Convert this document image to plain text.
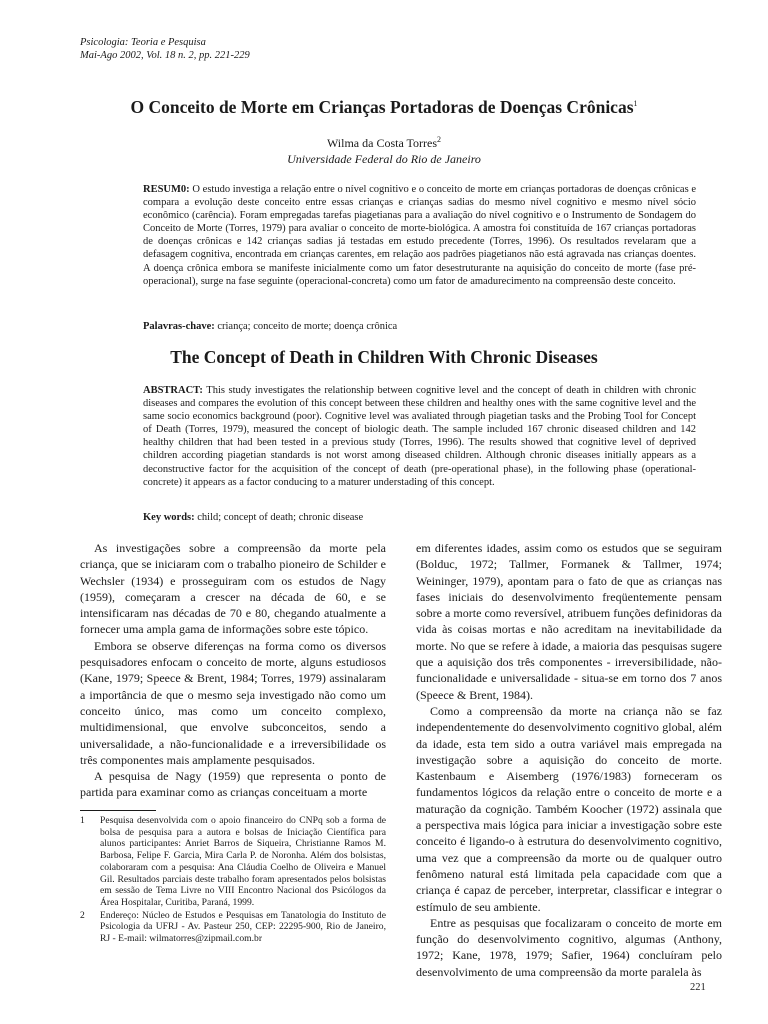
Psicologia: Teoria e Pesquisa
Mai-Ago 2002, Vol. 18 n. 2, pp. 221-229
O Conceito de Morte em Crianças Portadoras de Doenças Crônicas$^1$
Wilma da Costa Torres$^2$
Universidade Federal do Rio de Janeiro
RESUM0: O estudo investiga a relação entre o nível cognitivo e o conceito de morte em crianças portadoras de doenças crônicas e compara a evolução deste conceito entre essas crianças e crianças sadias do mesmo nível cognitivo e mesmo nível sócio econômico (carência). Foram empregadas tarefas piagetianas para a avaliação do nível cognitivo e o Instrumento de Sondagem do Conceito de Morte (Torres, 1979) para avaliar o conceito de morte-biológica. A amostra foi constituída de 167 crianças portadoras de doenças crônicas e 142 crianças sadias já testadas em estudo precedente (Torres, 1996). Os resultados revelaram que a defasagem cognitiva, encontrada em crianças carentes, em relação aos padrões piagetianos não está agravada nas crianças doentes. A doença crônica embora se manifeste inicialmente como um fator desestruturante na aquisição do conceito de morte (fase pré-operacional), surge na fase seguinte (operacional-concreta) como um fator de amadurecimento na compreensão deste conceito.
Palavras-chave: criança; conceito de morte; doença crônica
The Concept of Death in Children With Chronic Diseases
ABSTRACT: This study investigates the relationship between cognitive level and the concept of death in children with chronic diseases and compares the evolution of this concept between these children and healthy ones with the same cognitive level and the same socio economics background (poor). Cognitive level was avaliated through piagetian tasks and the Probing Tool for Concept of Death (Torres, 1979), measured the concept of biologic death. The sample included 167 chronic diseased children and 142 healthy children that had been tested in a previous study (Torres, 1996). The results showed that cognitive level of deprived children according piagetian standards is not worst among diseased children. Although chronic diseases initially appears as a deconstructive factor for the acquisition of the concept of death (pre-operational phase), in the following phase (operational-concrete) it appears as a factor conducing to a maturer understading of this concept.
Key words: child; concept of death; chronic disease

As investigações sobre a compreensão da morte pela criança, que se iniciaram com o trabalho pioneiro de Schilder e Wechsler (1934) e prosseguiram com os estudos de Nagy (1959), começaram a crescer na década de 60, e se intensificaram nas décadas de 70 e 80, chegando atualmente a fornecer uma ampla gama de informações sobre este tópico.

Embora se observe diferenças na forma como os diversos pesquisadores enfocam o conceito de morte, alguns estudiosos (Kane, 1979; Speece & Brent, 1984; Torres, 1979) assinalaram a importância de que o mesmo seja investigado não como um conceito único, mas como um conceito complexo, multidimensional, que envolve subconceitos, sendo a universalidade, a não-funcionalidade e a irreversibilidade os três componentes mais amplamente pesquisados.

A pesquisa de Nagy (1959) que representa o ponto de partida para examinar como as crianças conceituam a morte

1 Pesquisa desenvolvida com o apoio financeiro do CNPq sob a forma de bolsa de pesquisa para a autora e bolsas de Iniciação Científica para alunos participantes: Anriet Barros de Siqueira, Christianne Ramos M. Barbosa, Felipe F. Garcia, Mira Carla P. de Noronha. Além dos bolsistas, colaboraram com a pesquisa: Ana Cláudia Coelho de Oliveira e Manuel Gil. Resultados parciais deste trabalho foram apresentados pelos bolsistas em sessão de Tema Livre no VIII Encontro Nacional dos Psicólogos da Área Hospitalar, Curitiba, Paraná, 1999.
2 Endereço: Núcleo de Estudos e Pesquisas em Tanatologia do Instituto de Psicologia da UFRJ - Av. Pasteur 250, CEP: 22295-900, Rio de Janeiro, RJ - E-mail: wilmatorres@zipmail.com.br

em diferentes idades, assim como os estudos que se seguiram (Bolduc, 1972; Tallmer, Formanek & Tallmer, 1974; Weininger, 1979), apontam para o fato de que as crianças nas fases iniciais do desenvolvimento freqüentemente pensam sobre a morte como reversível, atribuem funções definidoras da vida às coisas mortas e não acreditam na inevitabilidade da morte. No que se refere à idade, a maioria das pesquisas sugere que a aquisição dos três componentes - irreversibilidade, não-funcionalidade e universalidade - situa-se em torno dos 7 anos (Speece & Brent, 1984).

Como a compreensão da morte na criança não se faz independentemente do desenvolvimento cognitivo global, além da idade, esta tem sido a outra variável mais empregada na investigação sobre a aquisição do conceito de morte. Kastenbaum e Aisemberg (1976/1983) forneceram os fundamentos lógicos da relação entre o conceito de morte e a maturação da cognição. Também Koocher (1972) assinala que a perspectiva mais lógica para iniciar a investigação sobre este conceito é ligando-o à estrutura do desenvolvimento cognitivo, uma vez que a compreensão da morte ou de qualquer outro fenômeno natural está limitada pela capacidade com que a criança é capaz de perceber, interpretar, classificar e integrar o estímulo de seu ambiente.

Entre as pesquisas que focalizaram o conceito de morte em função do desenvolvimento cognitivo, algumas (Anthony, 1972; Kane, 1978, 1979; Safier, 1964) concluíram pelo desenvolvimento de uma compreensão da morte paralela às

221
